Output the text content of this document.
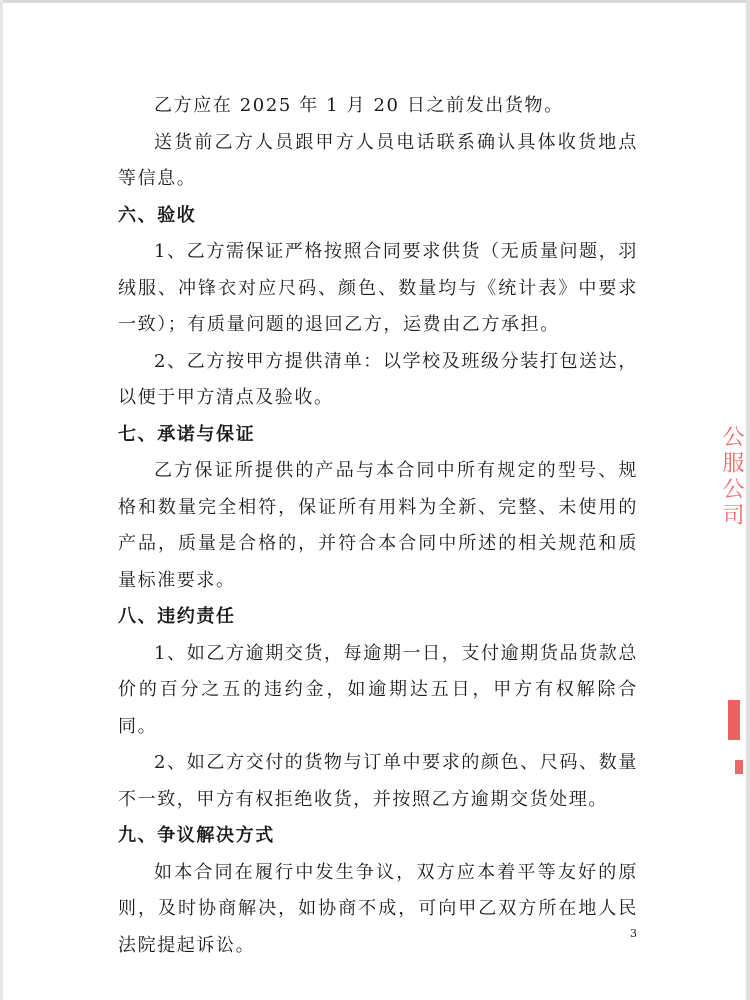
乙方应在 2025 年 1 月 20 日之前发出货物。

送货前乙方人员跟甲方人员电话联系确认具体收货地点等信息。

六、验收

1、乙方需保证严格按照合同要求供货（无质量问题，羽绒服、冲锋衣对应尺码、颜色、数量均与《统计表》中要求一致）；有质量问题的退回乙方，运费由乙方承担。

2、乙方按甲方提供清单：以学校及班级分装打包送达，以便于甲方清点及验收。

七、承诺与保证

乙方保证所提供的产品与本合同中所有规定的型号、规格和数量完全相符，保证所有用料为全新、完整、未使用的产品，质量是合格的，并符合本合同中所述的相关规范和质量标准要求。

八、违约责任

1、如乙方逾期交货，每逾期一日，支付逾期货品货款总价的百分之五的违约金，如逾期达五日，甲方有权解除合同。

2、如乙方交付的货物与订单中要求的颜色、尺码、数量不一致，甲方有权拒绝收货，并按照乙方逾期交货处理。

九、争议解决方式

如本合同在履行中发生争议，双方应本着平等友好的原则，及时协商解决，如协商不成，可向甲乙双方所在地人民法院提起诉讼。

公服公司
3
